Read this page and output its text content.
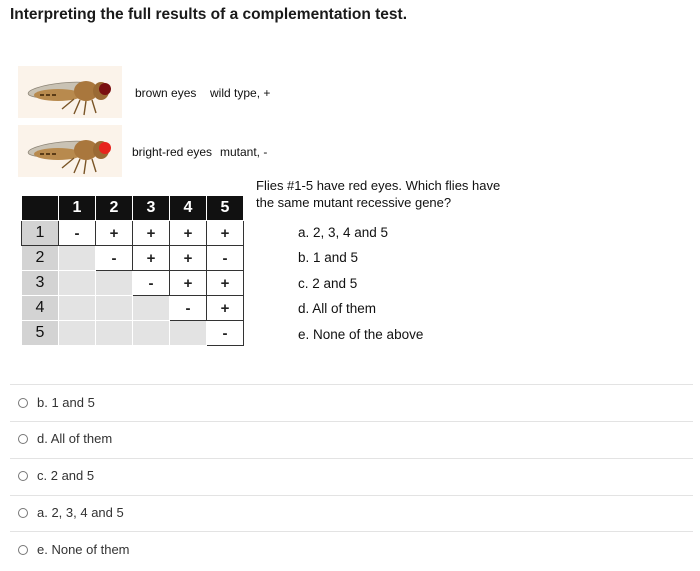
Interpreting the full results of a complementation test.
brown eyes wild type, +
bright-red eyes mutant, -
	1	2	3	4	5
1	-	+	+	+	+
2		-	+	+	-
3			-	+	+
4				-	+
5					-
Flies #1-5 have red eyes. Which flies have the same mutant recessive gene?
a. 2, 3, 4 and 5
b. 1 and 5
c. 2 and 5
d. All of them
e. None of the above
b. 1 and 5
d. All of them
c. 2 and 5
a. 2, 3, 4 and 5
e. None of them
